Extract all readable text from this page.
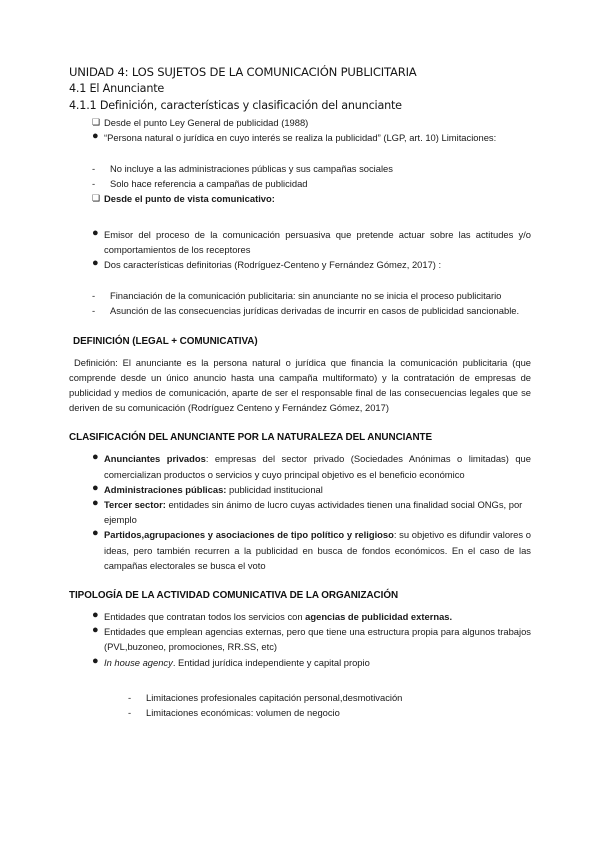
UNIDAD 4: LOS SUJETOS DE LA COMUNICACIÓN PUBLICITARIA
4.1 El Anunciante
4.1.1 Definición, características y clasificación del anunciante
❏ Desde el punto Ley General de publicidad (1988)
● “Persona natural o jurídica en cuyo interés se realiza la publicidad” (LGP, art. 10) Limitaciones:
- No incluye a las administraciones públicas y sus campañas sociales
- Solo hace referencia a campañas de publicidad
❏ Desde el punto de vista comunicativo:
● Emisor del proceso de la comunicación persuasiva que pretende actuar sobre las actitudes y/o comportamientos de los receptores
● Dos características definitorias (Rodríguez-Centeno y Fernández Gómez, 2017) :
- Financiación de la comunicación publicitaria: sin anunciante no se inicia el proceso publicitario
- Asunción de las consecuencias jurídicas derivadas de incurrir en casos de publicidad sancionable.
DEFINICIÓN (LEGAL + COMUNICATIVA)
Definición: El anunciante es la persona natural o jurídica que financia la comunicación publicitaria (que comprende desde un único anuncio hasta una campaña multiformato) y la contratación de empresas de publicidad y medios de comunicación, aparte de ser el responsable final de las consecuencias legales que se deriven de su comunicación (Rodríguez Centeno y Fernández Gómez, 2017)
CLASIFICACIÓN DEL ANUNCIANTE POR LA NATURALEZA DEL ANUNCIANTE
● Anunciantes privados: empresas del sector privado (Sociedades Anónimas o limitadas) que comercializan productos o servicios y cuyo principal objetivo es el beneficio económico
● Administraciones públicas: publicidad institucional
● Tercer sector: entidades sin ánimo de lucro cuyas actividades tienen una finalidad social ONGs, por ejemplo
● Partidos,agrupaciones y asociaciones de tipo político y religioso: su objetivo es difundir valores o ideas, pero también recurren a la publicidad en busca de fondos económicos. En el caso de las campañas electorales se busca el voto
TIPOLOGÍA DE LA ACTIVIDAD COMUNICATIVA DE LA ORGANIZACIÓN
● Entidades que contratan todos los servicios con agencias de publicidad externas.
● Entidades que emplean agencias externas, pero que tiene una estructura propia para algunos trabajos (PVL,buzoneo, promociones, RR.SS, etc)
● In house agency. Entidad jurídica independiente y capital propio
- Limitaciones profesionales capitación personal,desmotivación
- Limitaciones económicas: volumen de negocio
